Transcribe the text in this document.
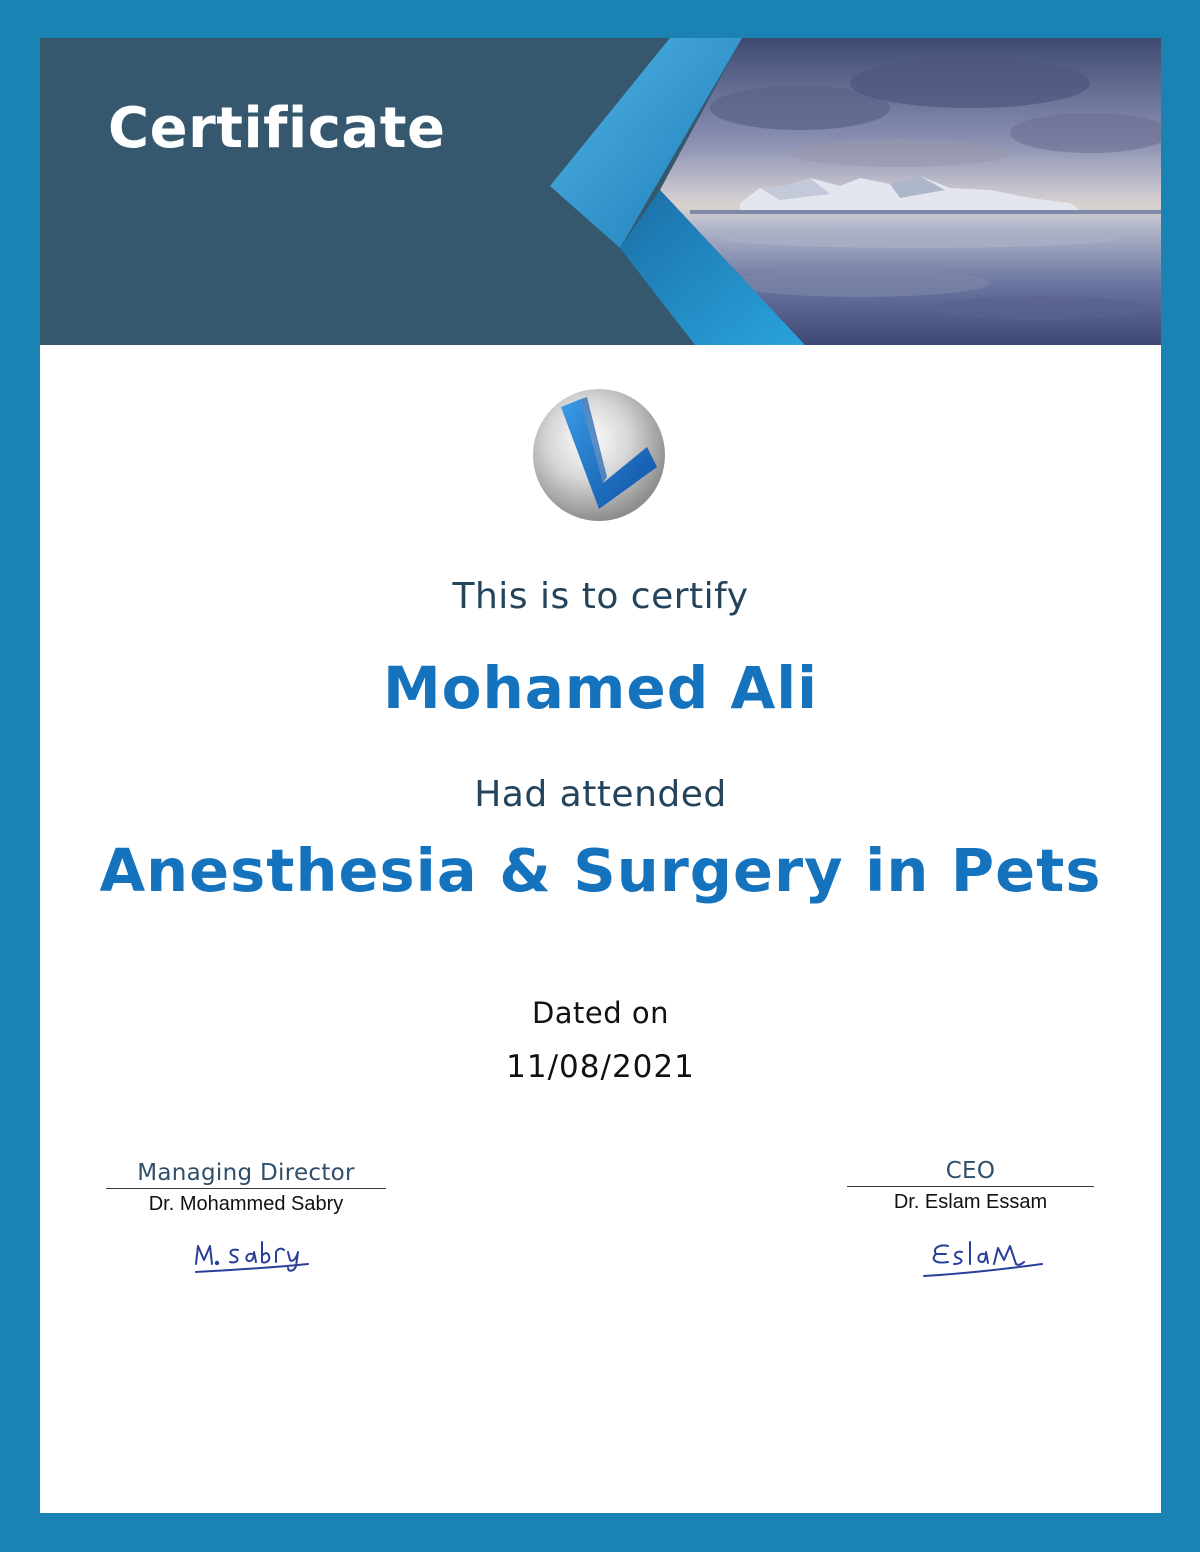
Certificate
This is to certify
Mohamed Ali
Had attended
Anesthesia & Surgery in Pets
Dated on
11/08/2021
Managing Director
Dr. Mohammed Sabry
CEO
Dr. Eslam Essam
